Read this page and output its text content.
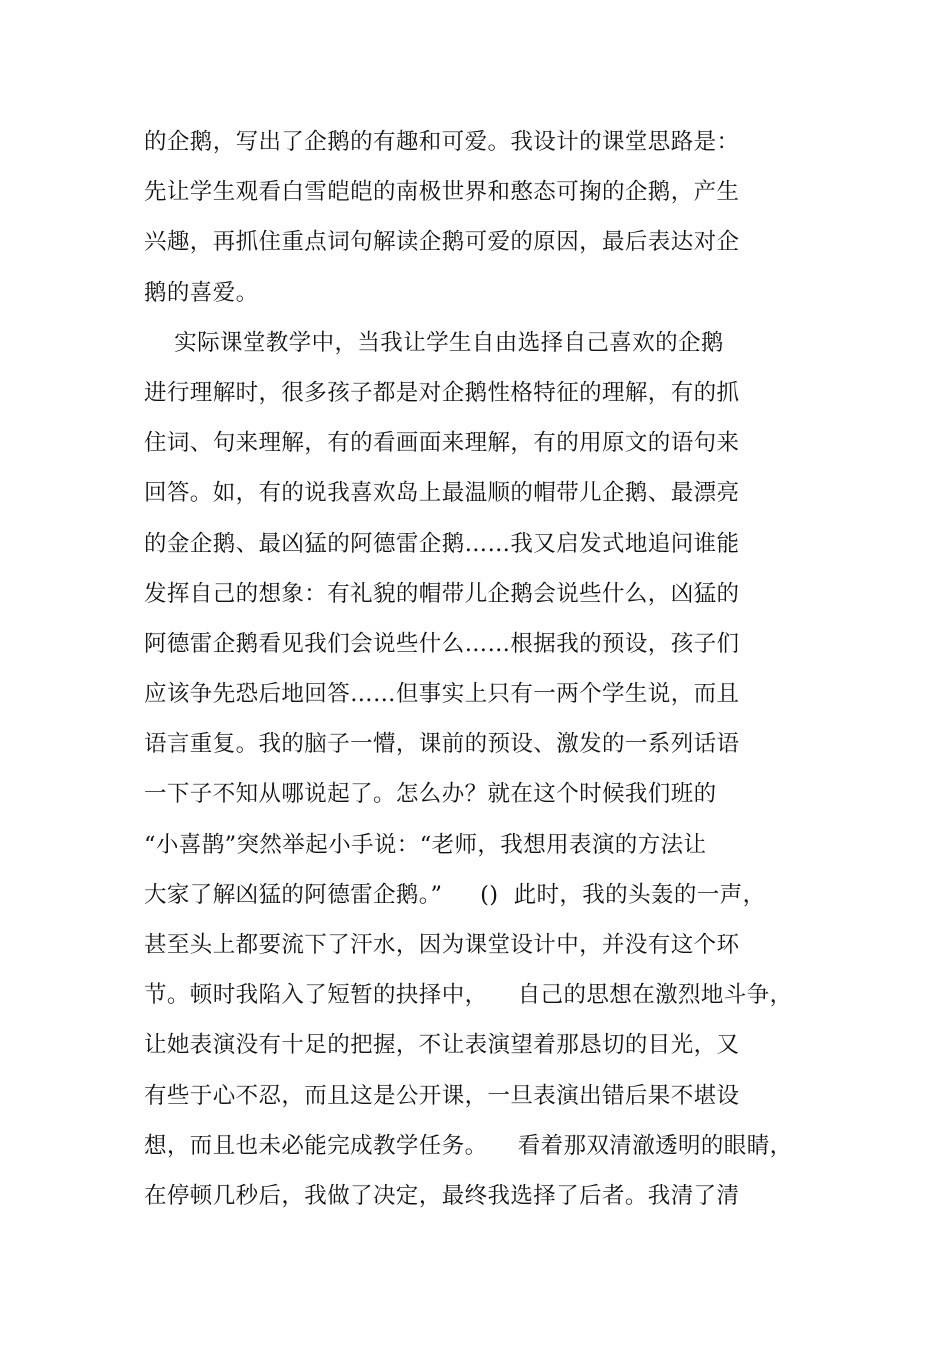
的企鹅，写出了企鹅的有趣和可爱。我设计的课堂思路是：
先让学生观看白雪皑皑的南极世界和憨态可掬的企鹅，产生
兴趣，再抓住重点词句解读企鹅可爱的原因，最后表达对企
鹅的喜爱。
实际课堂教学中，当我让学生自由选择自己喜欢的企鹅
进行理解时，很多孩子都是对企鹅性格特征的理解，有的抓
住词、句来理解，有的看画面来理解，有的用原文的语句来
回答。如，有的说我喜欢岛上最温顺的帽带儿企鹅、最漂亮
的金企鹅、最凶猛的阿德雷企鹅……我又启发式地追问谁能
发挥自己的想象：有礼貌的帽带儿企鹅会说些什么，凶猛的
阿德雷企鹅看见我们会说些什么……根据我的预设，孩子们
应该争先恐后地回答……但事实上只有一两个学生说，而且
语言重复。我的脑子一懵，课前的预设、激发的一系列话语
一下子不知从哪说起了。怎么办？就在这个时候我们班的
“小喜鹊”突然举起小手说：“老师，我想用表演的方法让
大家了解凶猛的阿德雷企鹅。”     ()  此时，我的头轰的一声，
甚至头上都要流下了汗水，因为课堂设计中，并没有这个环
节。顿时我陷入了短暂的抉择中，    自己的思想在激烈地斗争，
让她表演没有十足的把握，不让表演望着那恳切的目光，又
有些于心不忍，而且这是公开课，一旦表演出错后果不堪设
想，而且也未必能完成教学任务。    看着那双清澈透明的眼睛，
在停顿几秒后，我做了决定，最终我选择了后者。我清了清
